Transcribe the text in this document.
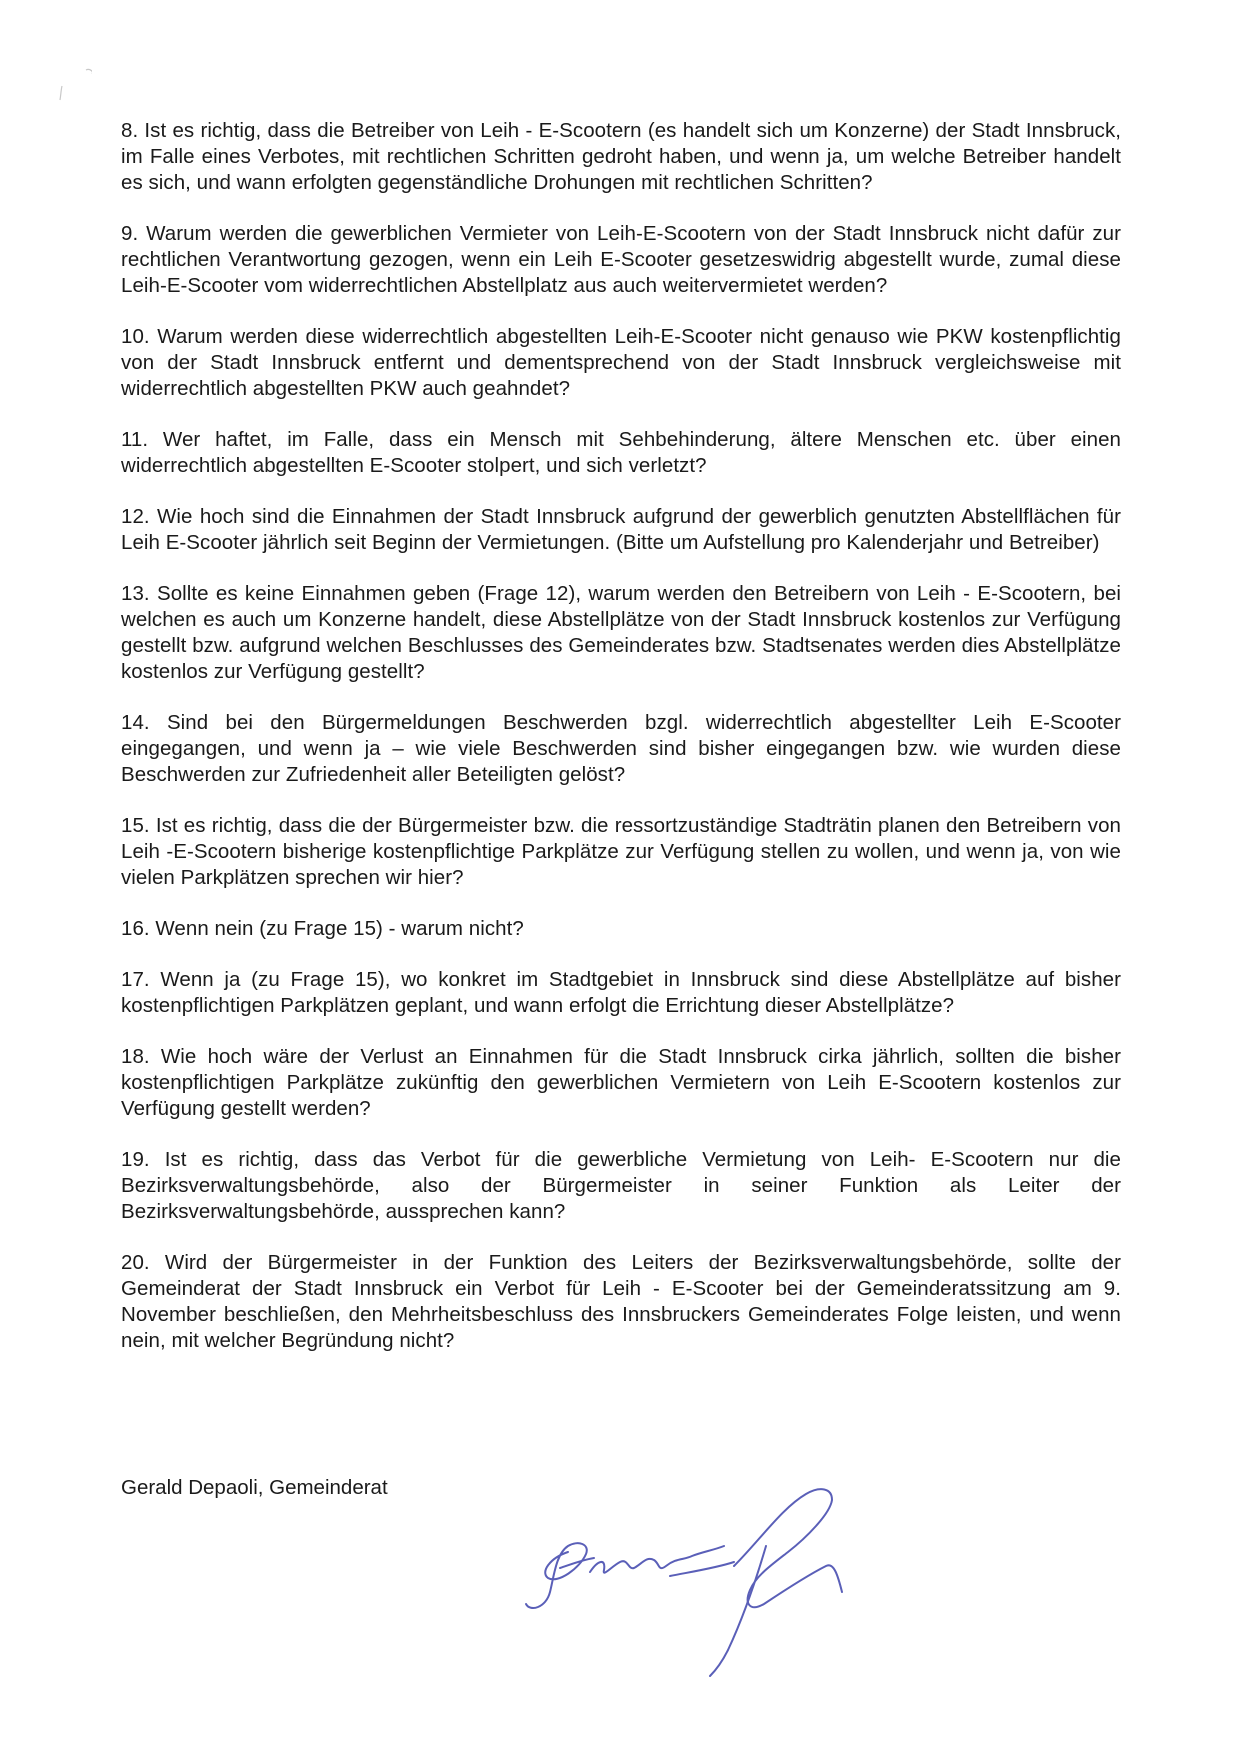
8. Ist es richtig, dass die Betreiber von Leih - E-Scootern (es handelt sich um Konzerne) der Stadt Innsbruck, im Falle eines Verbotes, mit rechtlichen Schritten gedroht haben, und wenn ja, um welche Betreiber handelt es sich, und wann erfolgten gegenständliche Drohungen mit rechtlichen Schritten?

9. Warum werden die gewerblichen Vermieter von Leih-E-Scootern von der Stadt Innsbruck nicht dafür zur rechtlichen Verantwortung gezogen, wenn ein Leih E-Scooter gesetzeswidrig abgestellt wurde, zumal diese Leih-E-Scooter vom widerrechtlichen Abstellplatz aus auch weitervermietet werden?

10. Warum werden diese widerrechtlich abgestellten Leih-E-Scooter nicht genauso wie PKW kostenpflichtig von der Stadt Innsbruck entfernt und dementsprechend von der Stadt Innsbruck vergleichsweise mit widerrechtlich abgestellten PKW auch geahndet?

11. Wer haftet, im Falle, dass ein Mensch mit Sehbehinderung, ältere Menschen etc. über einen widerrechtlich abgestellten E-Scooter stolpert, und sich verletzt?

12. Wie hoch sind die Einnahmen der Stadt Innsbruck aufgrund der gewerblich genutzten Abstellflächen für Leih E-Scooter jährlich seit Beginn der Vermietungen. (Bitte um Aufstellung pro Kalenderjahr und Betreiber)

13. Sollte es keine Einnahmen geben (Frage 12), warum werden den Betreibern von Leih - E-Scootern, bei welchen es auch um Konzerne handelt, diese Abstellplätze von der Stadt Innsbruck kostenlos zur Verfügung gestellt bzw. aufgrund welchen Beschlusses des Gemeinderates bzw. Stadtsenates werden dies Abstellplätze kostenlos zur Verfügung gestellt?

14. Sind bei den Bürgermeldungen Beschwerden bzgl. widerrechtlich abgestellter Leih E-Scooter eingegangen, und wenn ja – wie viele Beschwerden sind bisher eingegangen bzw. wie wurden diese Beschwerden zur Zufriedenheit aller Beteiligten gelöst?

15. Ist es richtig, dass die der Bürgermeister bzw. die ressortzuständige Stadträtin planen den Betreibern von Leih -E-Scootern bisherige kostenpflichtige Parkplätze zur Verfügung stellen zu wollen, und wenn ja, von wie vielen Parkplätzen sprechen wir hier?

16. Wenn nein (zu Frage 15) - warum nicht?

17. Wenn ja (zu Frage 15), wo konkret im Stadtgebiet in Innsbruck sind diese Abstellplätze auf bisher kostenpflichtigen Parkplätzen geplant, und wann erfolgt die Errichtung dieser Abstellplätze?

18. Wie hoch wäre der Verlust an Einnahmen für die Stadt Innsbruck cirka jährlich, sollten die bisher kostenpflichtigen Parkplätze zukünftig den gewerblichen Vermietern von Leih E-Scootern kostenlos zur Verfügung gestellt werden?

19. Ist es richtig, dass das Verbot für die gewerbliche Vermietung von Leih- E-Scootern nur die Bezirksverwaltungsbehörde, also der Bürgermeister in seiner Funktion als Leiter der Bezirksverwaltungsbehörde, aussprechen kann?

20. Wird der Bürgermeister in der Funktion des Leiters der Bezirksverwaltungsbehörde, sollte der Gemeinderat der Stadt Innsbruck ein Verbot für Leih - E-Scooter bei der Gemeinderatssitzung am 9. November beschließen, den Mehrheitsbeschluss des Innsbruckers Gemeinderates Folge leisten, und wenn nein, mit welcher Begründung nicht?

Gerald Depaoli, Gemeinderat
